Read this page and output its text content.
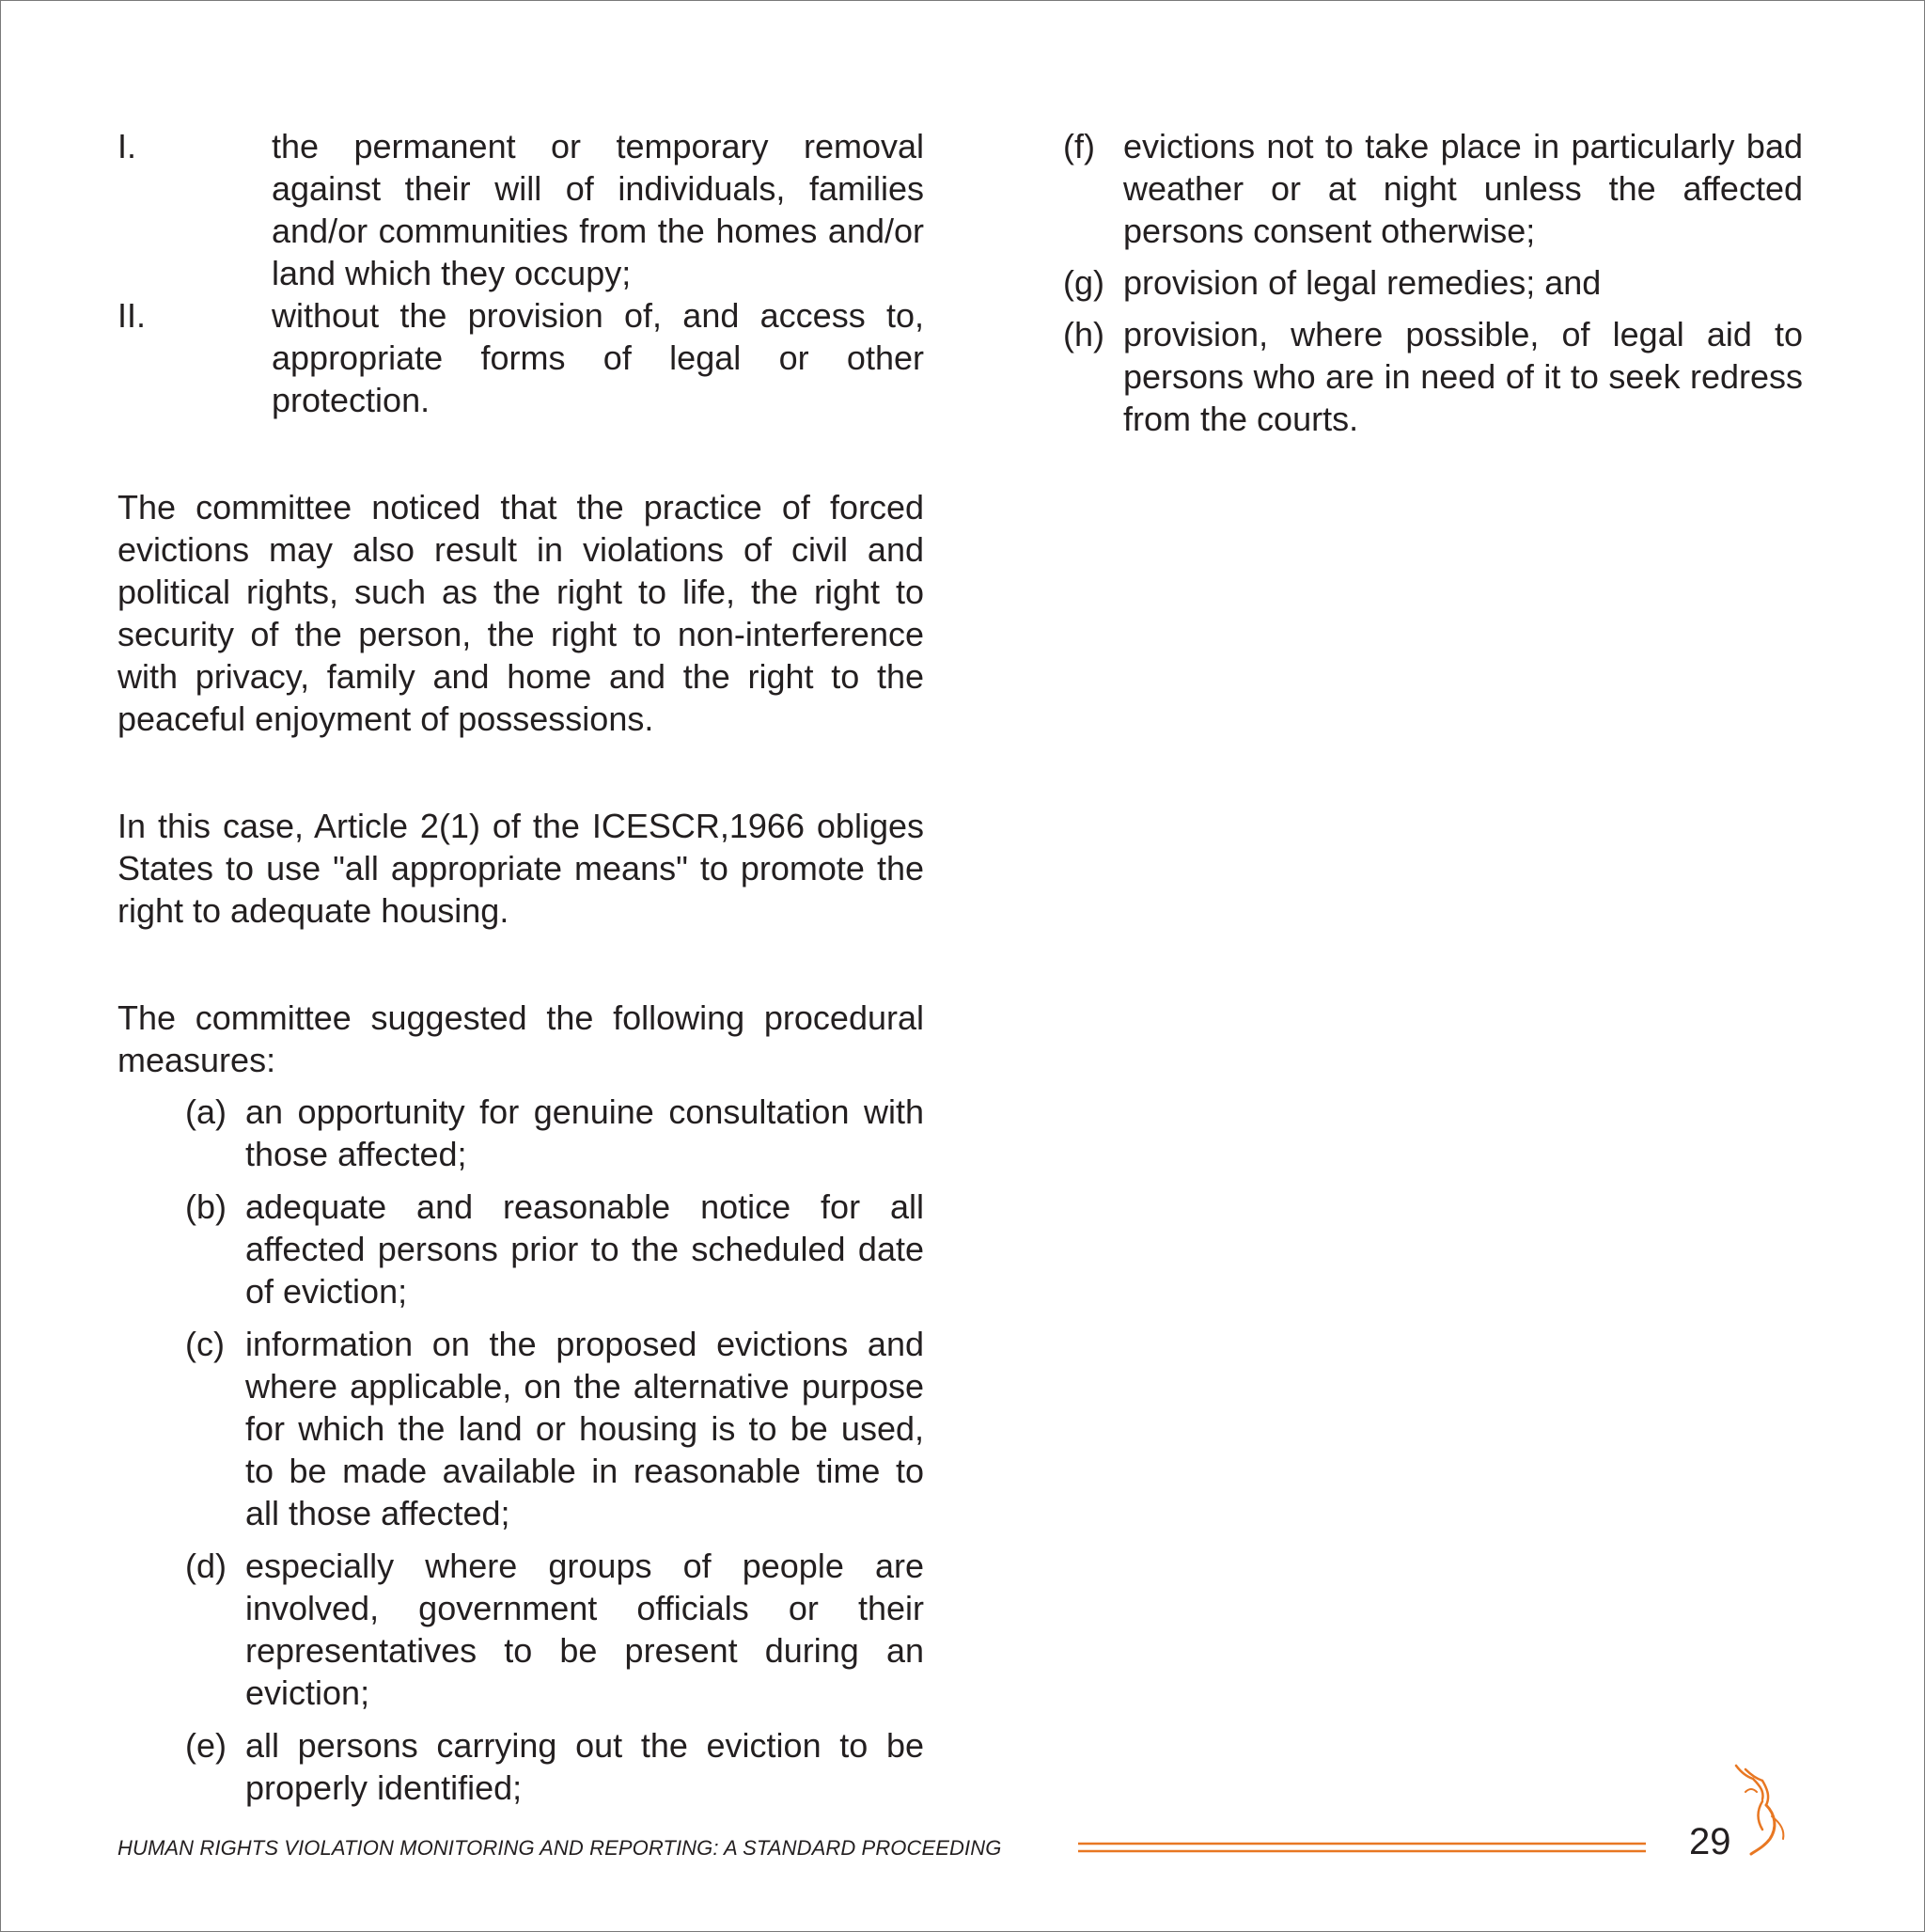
I.	the permanent or temporary removal against their will of individuals, families and/or communities from the homes and/or land which they occupy;
II.	without the provision of, and access to, appropriate forms of legal or other protection.

The committee noticed that the practice of forced evictions may also result in violations of civil and political rights, such as the right to life, the right to security of the person, the right to non-interference with privacy, family and home and the right to the peaceful enjoyment of possessions.

In this case, Article 2(1) of the ICESCR,1966 obliges States to use "all appropriate means" to promote the right to adequate housing.

The committee suggested the following procedural measures:

(a) an opportunity for genuine consultation with those affected;
(b) adequate and reasonable notice for all affected persons prior to the scheduled date of eviction;
(c) information on the proposed evictions and where applicable, on the alternative purpose for which the land or housing is to be used, to be made available in reasonable time to all those affected;
(d) especially where groups of people are involved, government officials or their representatives to be present during an eviction;
(e) all persons carrying out the eviction to be properly identified;
(f) evictions not to take place in particularly bad weather or at night unless the affected persons consent otherwise;
(g) provision of legal remedies; and
(h) provision, where possible, of legal aid to persons who are in need of it to seek redress from the courts.
HUMAN RIGHTS VIOLATION MONITORING AND REPORTING: A STANDARD PROCEEDING	29
